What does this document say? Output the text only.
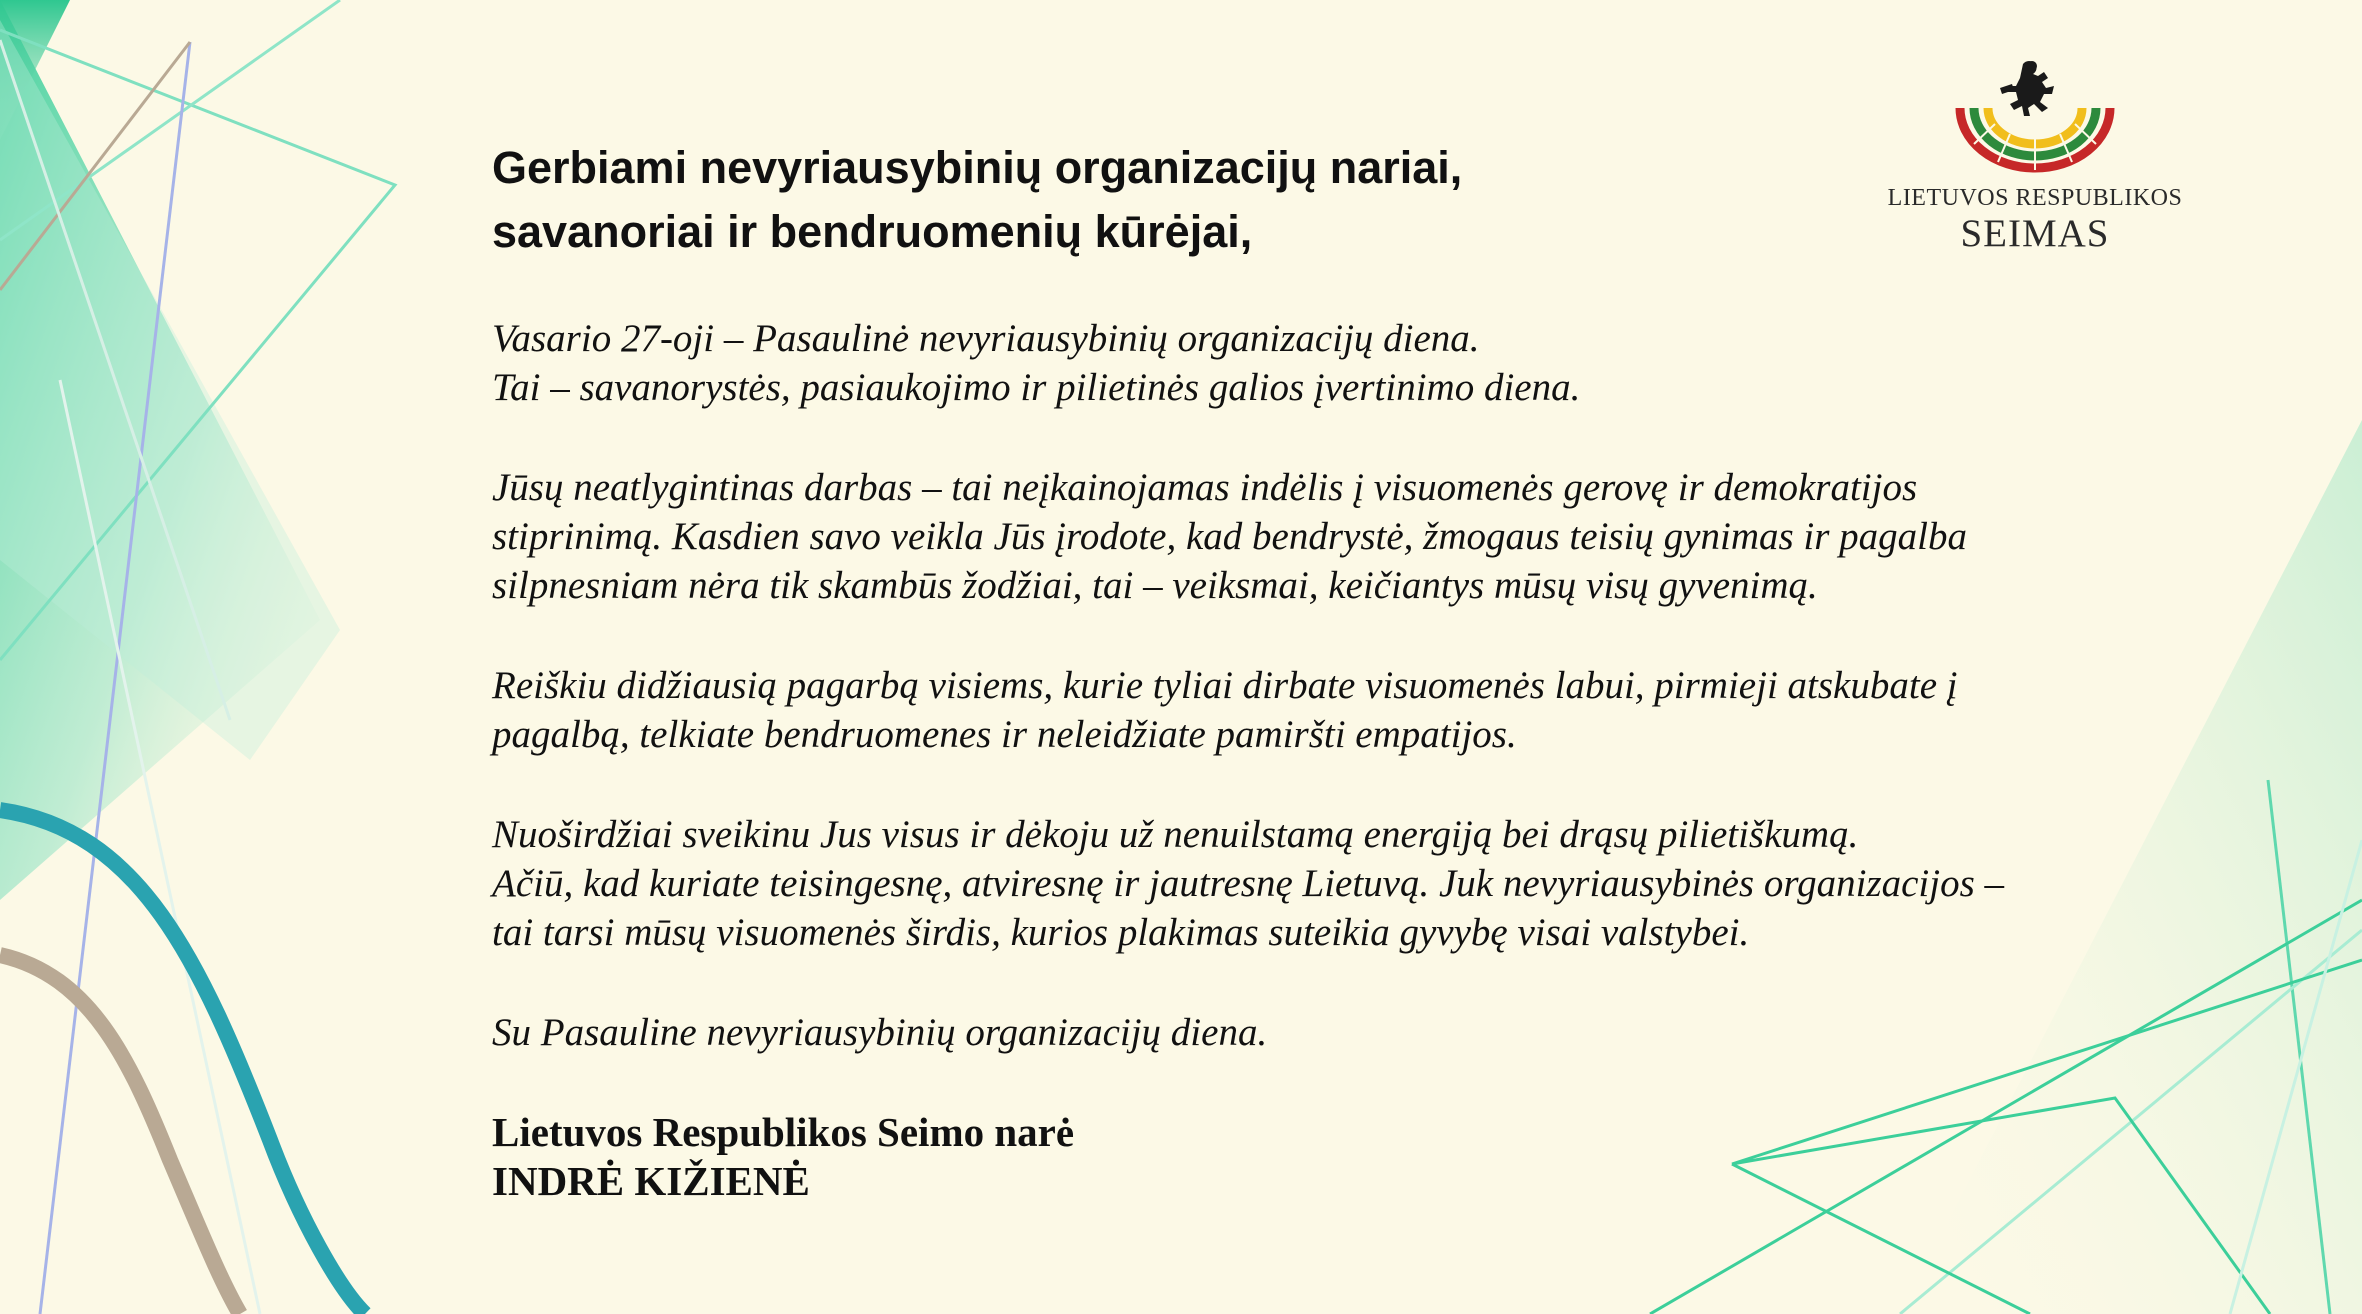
LIETUVOS RESPUBLIKOS
SEIMAS
Gerbiami nevyriausybinių organizacijų nariai,
savanoriai ir bendruomenių kūrėjai,

Vasario 27-oji – Pasaulinė nevyriausybinių organizacijų diena.
Tai – savanorystės, pasiaukojimo ir pilietinės galios įvertinimo diena.

Jūsų neatlygintinas darbas – tai neįkainojamas indėlis į visuomenės gerovę ir demokratijos
stiprinimą. Kasdien savo veikla Jūs įrodote, kad bendrystė, žmogaus teisių gynimas ir pagalba
silpnesniam nėra tik skambūs žodžiai, tai – veiksmai, keičiantys mūsų visų gyvenimą.

Reiškiu didžiausią pagarbą visiems, kurie tyliai dirbate visuomenės labui, pirmieji atskubate į
pagalbą, telkiate bendruomenes ir neleidžiate pamiršti empatijos.

Nuoširdžiai sveikinu Jus visus ir dėkoju už nenuilstamą energiją bei drąsų pilietiškumą.
Ačiū, kad kuriate teisingesnę, atviresnę ir jautresnę Lietuvą. Juk nevyriausybinės organizacijos –
tai tarsi mūsų visuomenės širdis, kurios plakimas suteikia gyvybę visai valstybei.

Su Pasauline nevyriausybinių organizacijų diena.

Lietuvos Respublikos Seimo narė
INDRĖ KIŽIENĖ
